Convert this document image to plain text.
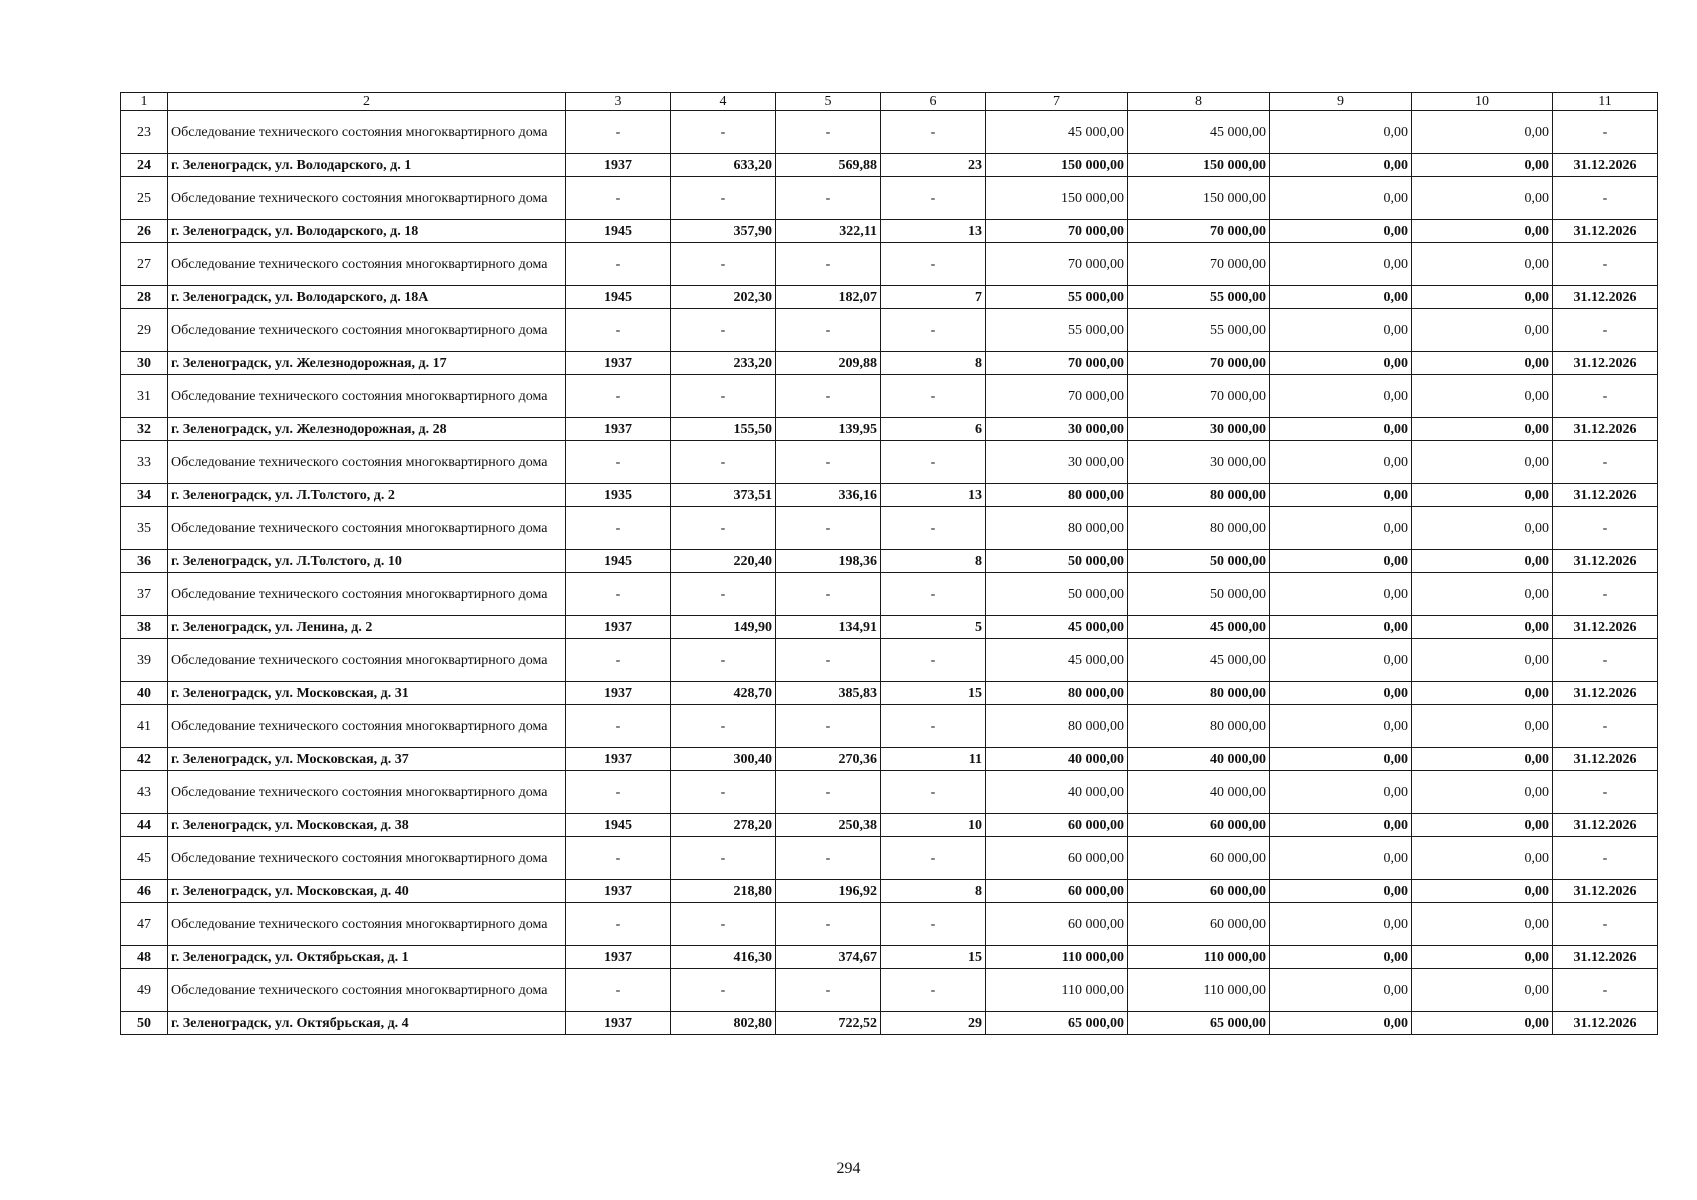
1	2	3	4	5	6	7	8	9	10	11
23	Обследование технического состояния многоквартирного дома	-	-	-	-	45 000,00	45 000,00	0,00	0,00	-
24	г. Зеленоградск, ул. Володарского, д. 1	1937	633,20	569,88	23	150 000,00	150 000,00	0,00	0,00	31.12.2026
25	Обследование технического состояния многоквартирного дома	-	-	-	-	150 000,00	150 000,00	0,00	0,00	-
26	г. Зеленоградск, ул. Володарского, д. 18	1945	357,90	322,11	13	70 000,00	70 000,00	0,00	0,00	31.12.2026
27	Обследование технического состояния многоквартирного дома	-	-	-	-	70 000,00	70 000,00	0,00	0,00	-
28	г. Зеленоградск, ул. Володарского, д. 18А	1945	202,30	182,07	7	55 000,00	55 000,00	0,00	0,00	31.12.2026
29	Обследование технического состояния многоквартирного дома	-	-	-	-	55 000,00	55 000,00	0,00	0,00	-
30	г. Зеленоградск, ул. Железнодорожная, д. 17	1937	233,20	209,88	8	70 000,00	70 000,00	0,00	0,00	31.12.2026
31	Обследование технического состояния многоквартирного дома	-	-	-	-	70 000,00	70 000,00	0,00	0,00	-
32	г. Зеленоградск, ул. Железнодорожная, д. 28	1937	155,50	139,95	6	30 000,00	30 000,00	0,00	0,00	31.12.2026
33	Обследование технического состояния многоквартирного дома	-	-	-	-	30 000,00	30 000,00	0,00	0,00	-
34	г. Зеленоградск, ул. Л.Толстого, д. 2	1935	373,51	336,16	13	80 000,00	80 000,00	0,00	0,00	31.12.2026
35	Обследование технического состояния многоквартирного дома	-	-	-	-	80 000,00	80 000,00	0,00	0,00	-
36	г. Зеленоградск, ул. Л.Толстого, д. 10	1945	220,40	198,36	8	50 000,00	50 000,00	0,00	0,00	31.12.2026
37	Обследование технического состояния многоквартирного дома	-	-	-	-	50 000,00	50 000,00	0,00	0,00	-
38	г. Зеленоградск, ул. Ленина, д. 2	1937	149,90	134,91	5	45 000,00	45 000,00	0,00	0,00	31.12.2026
39	Обследование технического состояния многоквартирного дома	-	-	-	-	45 000,00	45 000,00	0,00	0,00	-
40	г. Зеленоградск, ул. Московская, д. 31	1937	428,70	385,83	15	80 000,00	80 000,00	0,00	0,00	31.12.2026
41	Обследование технического состояния многоквартирного дома	-	-	-	-	80 000,00	80 000,00	0,00	0,00	-
42	г. Зеленоградск, ул. Московская, д. 37	1937	300,40	270,36	11	40 000,00	40 000,00	0,00	0,00	31.12.2026
43	Обследование технического состояния многоквартирного дома	-	-	-	-	40 000,00	40 000,00	0,00	0,00	-
44	г. Зеленоградск, ул. Московская, д. 38	1945	278,20	250,38	10	60 000,00	60 000,00	0,00	0,00	31.12.2026
45	Обследование технического состояния многоквартирного дома	-	-	-	-	60 000,00	60 000,00	0,00	0,00	-
46	г. Зеленоградск, ул. Московская, д. 40	1937	218,80	196,92	8	60 000,00	60 000,00	0,00	0,00	31.12.2026
47	Обследование технического состояния многоквартирного дома	-	-	-	-	60 000,00	60 000,00	0,00	0,00	-
48	г. Зеленоградск, ул. Октябрьская, д. 1	1937	416,30	374,67	15	110 000,00	110 000,00	0,00	0,00	31.12.2026
49	Обследование технического состояния многоквартирного дома	-	-	-	-	110 000,00	110 000,00	0,00	0,00	-
50	г. Зеленоградск, ул. Октябрьская, д. 4	1937	802,80	722,52	29	65 000,00	65 000,00	0,00	0,00	31.12.2026
294
